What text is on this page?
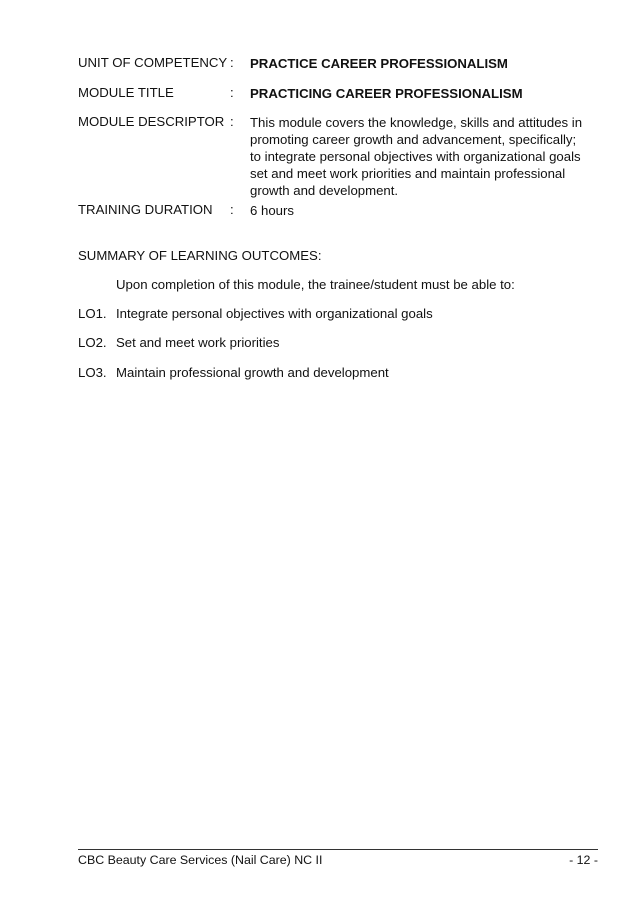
UNIT OF COMPETENCY :	PRACTICE CAREER PROFESSIONALISM
MODULE TITLE	:	PRACTICING CAREER PROFESSIONALISM
MODULE DESCRIPTOR :	This module covers the knowledge, skills and attitudes in promoting career growth and advancement, specifically; to integrate personal objectives with organizational goals set and meet work priorities and maintain professional growth and development.
TRAINING DURATION	:	6 hours
SUMMARY OF LEARNING OUTCOMES:
Upon completion of this module, the trainee/student must be able to:
LO1. Integrate personal objectives with organizational goals
LO2. Set and meet work priorities
LO3. Maintain professional growth and development
CBC Beauty Care Services (Nail Care) NC II	- 12 -
